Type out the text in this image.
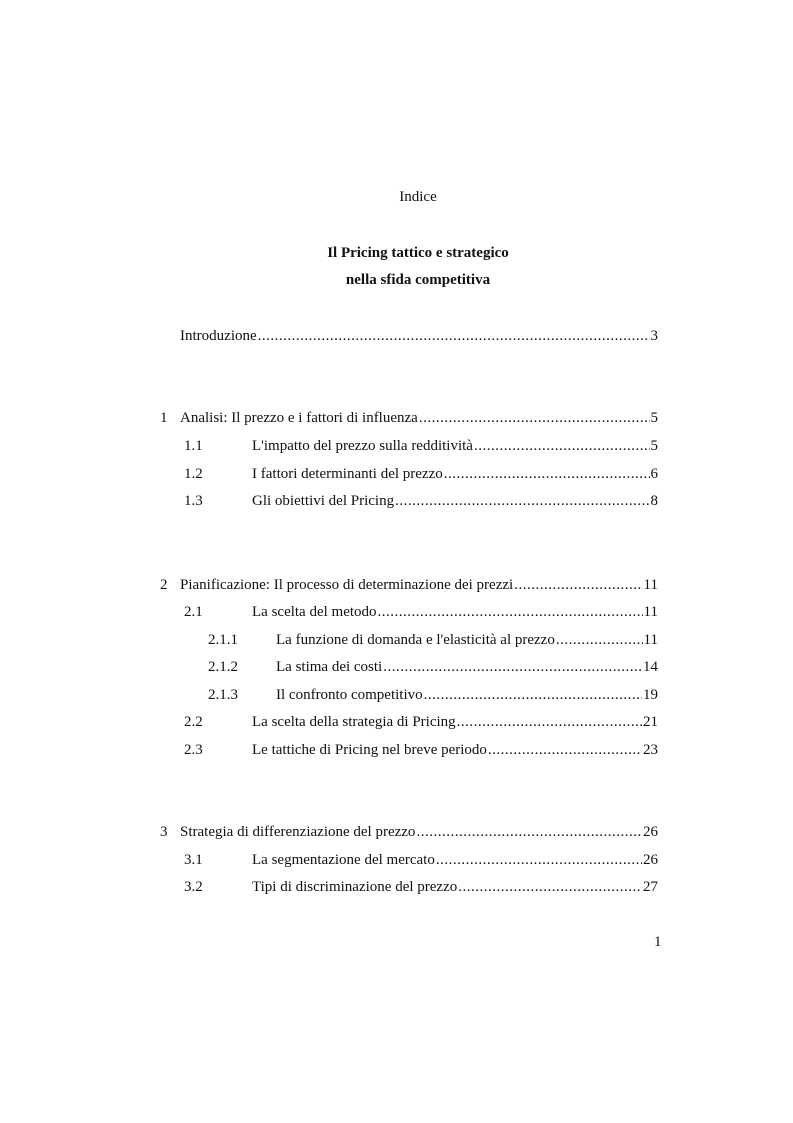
Indice
Il Pricing tattico e strategico
nella sfida competitiva
Introduzione .....	3
1 Analisi: Il prezzo e i fattori di influenza .....	5
1.1	L'impatto del prezzo sulla redditività .....	5
1.2	I fattori determinanti del prezzo .....	6
1.3	Gli obiettivi del Pricing .....	8
2 Pianificazione: Il processo di determinazione dei prezzi .....	11
2.1	La scelta del metodo .....	11
2.1.1	La funzione di domanda e l'elasticità al prezzo .....	11
2.1.2	La stima dei costi .....	14
2.1.3	Il confronto competitivo .....	19
2.2	La scelta della strategia di Pricing .....	21
2.3	Le tattiche di Pricing nel breve periodo .....	23
3 Strategia di differenziazione del prezzo .....	26
3.1	La segmentazione del mercato .....	26
3.2	Tipi di discriminazione del prezzo .....	27
1
